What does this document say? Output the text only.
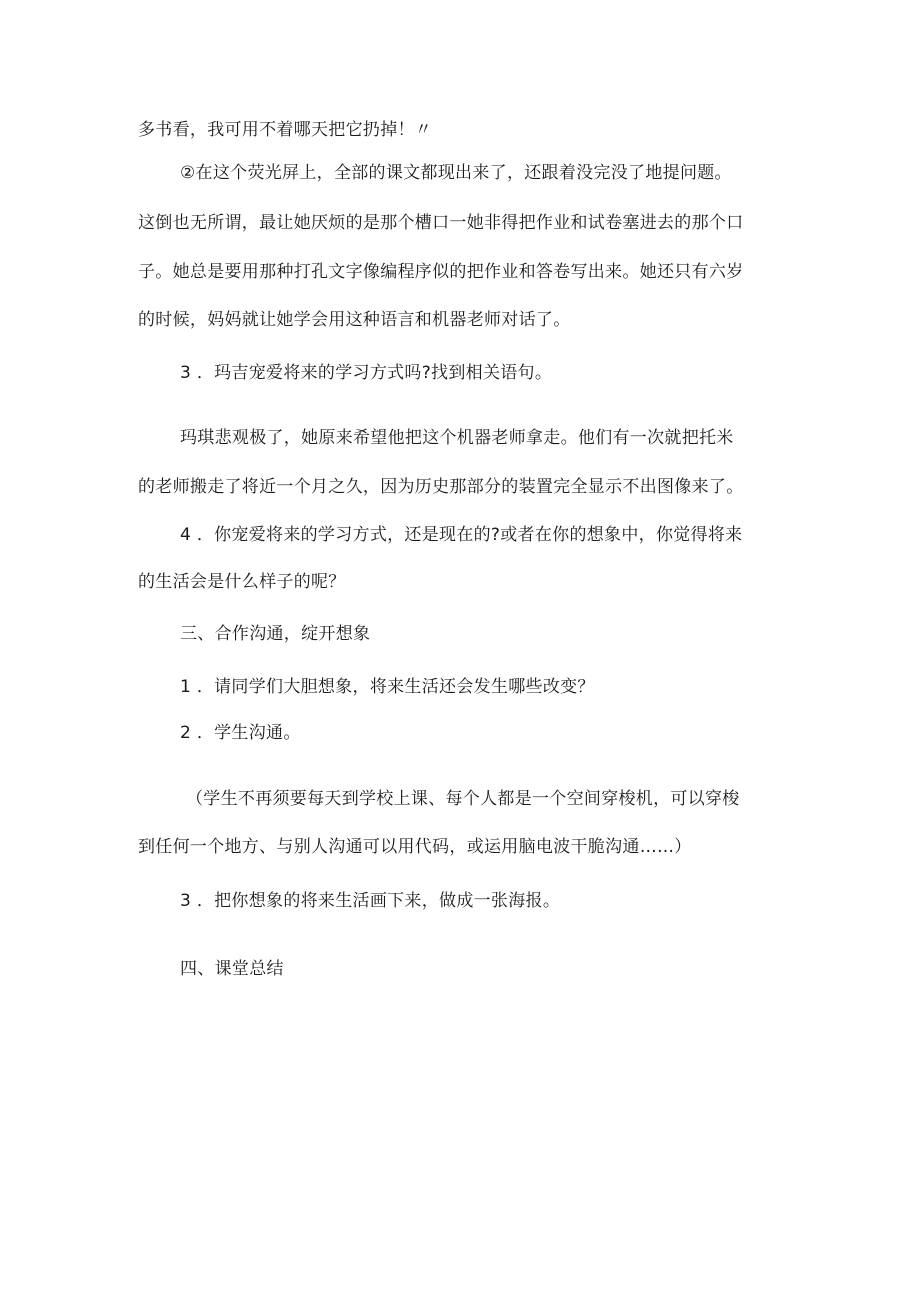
多书看，我可用不着哪天把它扔掉！〃
②在这个荧光屏上，全部的课文都现出来了，还跟着没完没了地提问题。
这倒也无所谓，最让她厌烦的是那个槽口一她非得把作业和试卷塞进去的那个口
子。她总是要用那种打孔文字像编程序似的把作业和答卷写出来。她还只有六岁
的时候，妈妈就让她学会用这种语言和机器老师对话了。
3 ．玛吉宠爱将来的学习方式吗?找到相关语句。
玛琪悲观极了，她原来希望他把这个机器老师拿走。他们有一次就把托米
的老师搬走了将近一个月之久，因为历史那部分的装置完全显示不出图像来了。
4 ．你宠爱将来的学习方式，还是现在的?或者在你的想象中，你觉得将来
的生活会是什么样子的呢？
三、合作沟通，绽开想象
1 ．请同学们大胆想象，将来生活还会发生哪些改变？
2 ．学生沟通。
（学生不再须要每天到学校上课、每个人都是一个空间穿梭机，可以穿梭
到任何一个地方、与别人沟通可以用代码，或运用脑电波干脆沟通……）
3 ．把你想象的将来生活画下来，做成一张海报。
四、课堂总结
